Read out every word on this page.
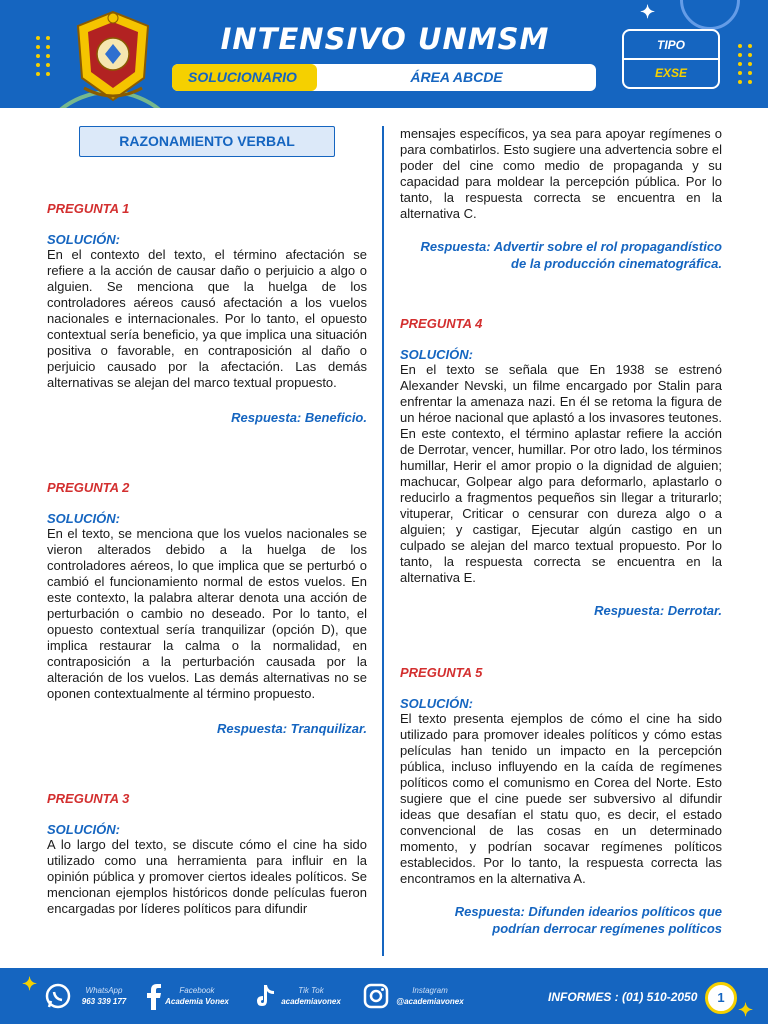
✦
INTENSIVO UNMSM
SOLUCIONARIO	ÁREA ABCDE
TIPO
EXSE
RAZONAMIENTO VERBAL
PREGUNTA 1
SOLUCIÓN:
En el contexto del texto, el término afectación se refiere a la acción de causar daño o perjuicio a algo o alguien. Se menciona que la huelga de los controladores aéreos causó afectación a los vuelos nacionales e internacionales. Por lo tanto, el opuesto contextual sería beneficio, ya que implica una situación positiva o favorable, en contraposición al daño o perjuicio causado por la afectación. Las demás alternativas se alejan del marco textual propuesto.
Respuesta: Beneficio.
PREGUNTA 2
SOLUCIÓN:
En el texto, se menciona que los vuelos nacionales se vieron alterados debido a la huelga de los controladores aéreos, lo que implica que se perturbó o cambió el funcionamiento normal de estos vuelos. En este contexto, la palabra alterar denota una acción de perturbación o cambio no deseado. Por lo tanto, el opuesto contextual sería tranquilizar (opción D), que implica restaurar la calma o la normalidad, en contraposición a la perturbación causada por la alteración de los vuelos. Las demás alternativas no se oponen contextualmente al término propuesto.
Respuesta: Tranquilizar.
PREGUNTA 3
SOLUCIÓN:
A lo largo del texto, se discute cómo el cine ha sido utilizado como una herramienta para influir en la opinión pública y promover ciertos ideales políticos. Se mencionan ejemplos históricos donde películas fueron encargadas por líderes políticos para difundir
mensajes específicos, ya sea para apoyar regímenes o para combatirlos. Esto sugiere una advertencia sobre el poder del cine como medio de propaganda y su capacidad para moldear la percepción pública. Por lo tanto, la respuesta correcta se encuentra en la alternativa C.
Respuesta: Advertir sobre el rol propagandístico
de la producción cinematográfica.
PREGUNTA 4
SOLUCIÓN:
En el texto se señala que En 1938 se estrenó Alexander Nevski, un filme encargado por Stalin para enfrentar la amenaza nazi. En él se retoma la figura de un héroe nacional que aplastó a los invasores teutones. En este contexto, el término aplastar refiere la acción de Derrotar, vencer, humillar. Por otro lado, los términos humillar, Herir el amor propio o la dignidad de alguien; machucar, Golpear algo para deformarlo, aplastarlo o reducirlo a fragmentos pequeños sin llegar a triturarlo; vituperar, Criticar o censurar con dureza algo o a alguien; y castigar, Ejecutar algún castigo en un culpado se alejan del marco textual propuesto. Por lo tanto, la respuesta correcta se encuentra en la alternativa E.
Respuesta: Derrotar.
PREGUNTA 5
SOLUCIÓN:
El texto presenta ejemplos de cómo el cine ha sido utilizado para promover ideales políticos y cómo estas películas han tenido un impacto en la percepción pública, incluso influyendo en la caída de regímenes políticos como el comunismo en Corea del Norte. Esto sugiere que el cine puede ser subversivo al difundir ideas que desafían el statu quo, es decir, el estado convencional de las cosas en un determinado momento, y podrían socavar regímenes políticos establecidos. Por lo tanto, la respuesta correcta las encontramos en la alternativa A.
Respuesta: Difunden idearios políticos que
podrían derrocar regímenes políticos
✦
✦
WhatsApp
963 339 177
Facebook
Academia Vonex
Tik Tok
academiavonex
Instagram
@academiavonex	INFORMES : (01) 510-2050	1
